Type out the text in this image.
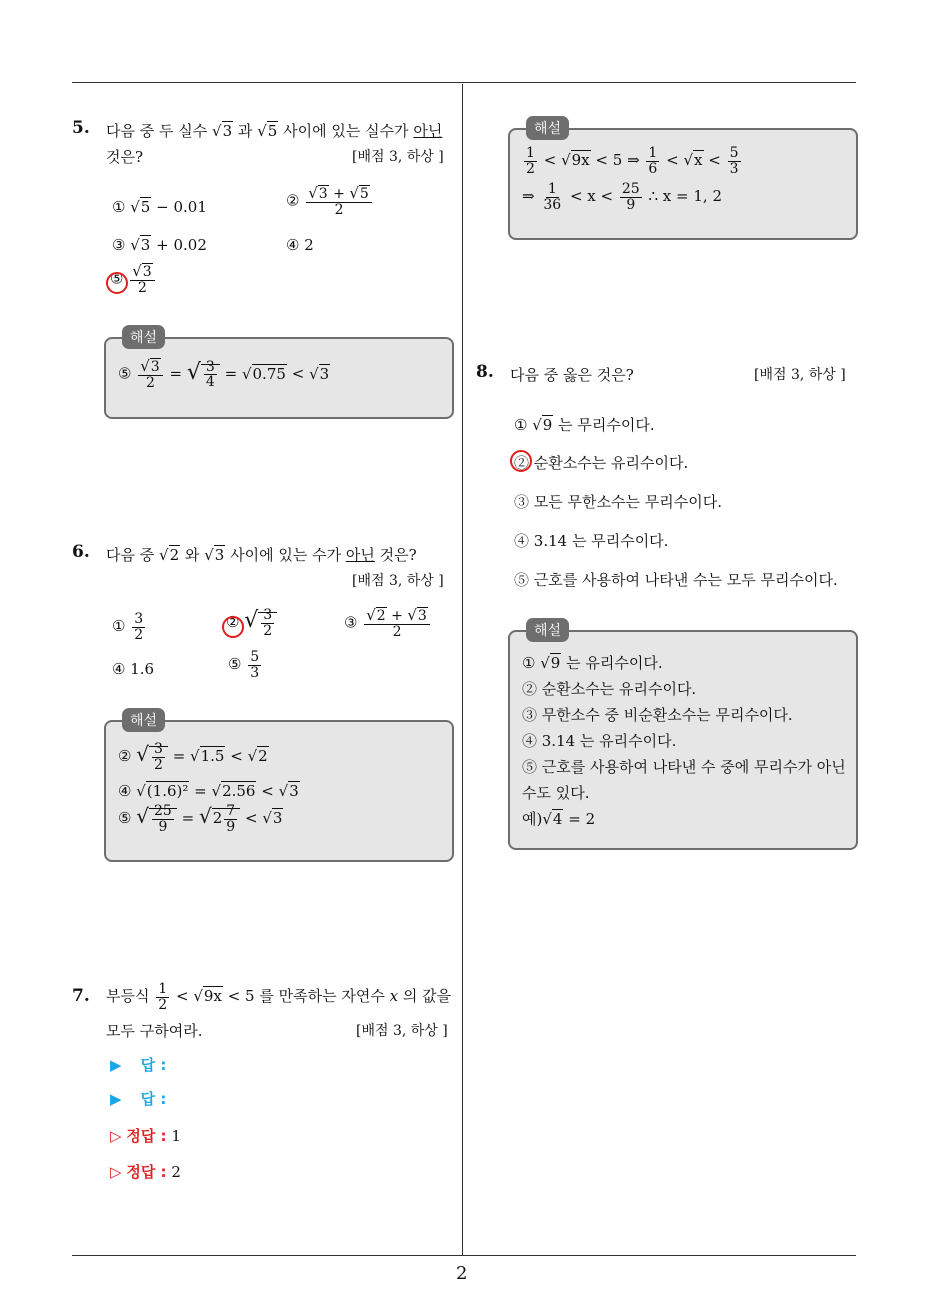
2
5. 다음 중 두 실수 √3 과 √5 사이에 있는 실수가 아닌
것은?	[배점 3, 하상 ]
① √5 − 0.01	② $\frac{√3 + √5}{2}$
③ √3 + 0.02	④ 2
⑤ $\frac{√3}{2}$
해설
⑤ $\frac{√3}{2}$ = √ $\frac{3}{4} = √0.75 < √3$
6. 다음 중 √2 와 √3 사이에 있는 수가 아닌 것은?
[배점 3, 하상 ]
① $\frac{3}{2}$	② √ $\frac{3}{2}$	③ $\frac{√2 + √3}{2}$
④ 1.6	⑤ $\frac{5}{3}$
해설
② √ $\frac{3}{2} = √1.5 < √2$
④ √(1.6)² = √2.56 < √3
⑤ √ $\frac{25}{9} = √2 \frac{7}{9} < √3$
7. 부등식 $\frac{1}{2} < √9x < 5$ 를 만족하는 자연수 x 의 값을
모두 구하여라.	[배점 3, 하상 ]
▶ 답 :
▶ 답 :
▷ 정답 : 1
▷ 정답 : 2
해설
$\frac{1}{2} < √9x < 5$ ⇒ $\frac{1}{6} < √x < \frac{5}{3}$
⇒ $\frac{1}{36} < x < \frac{25}{9}$ ∴ x = 1, 2
8. 다음 중 옳은 것은?	[배점 3, 하상 ]
① √9 는 무리수이다.
② 순환소수는 유리수이다.
③ 모든 무한소수는 무리수이다.
④ 3.14 는 무리수이다.
⑤ 근호를 사용하여 나타낸 수는 모두 무리수이다.
해설
① √9 는 유리수이다.
② 순환소수는 유리수이다.
③ 무한소수 중 비순환소수는 무리수이다.
④ 3.14 는 유리수이다.
⑤ 근호를 사용하여 나타낸 수 중에 무리수가 아닌
수도 있다.
예)√4 = 2
